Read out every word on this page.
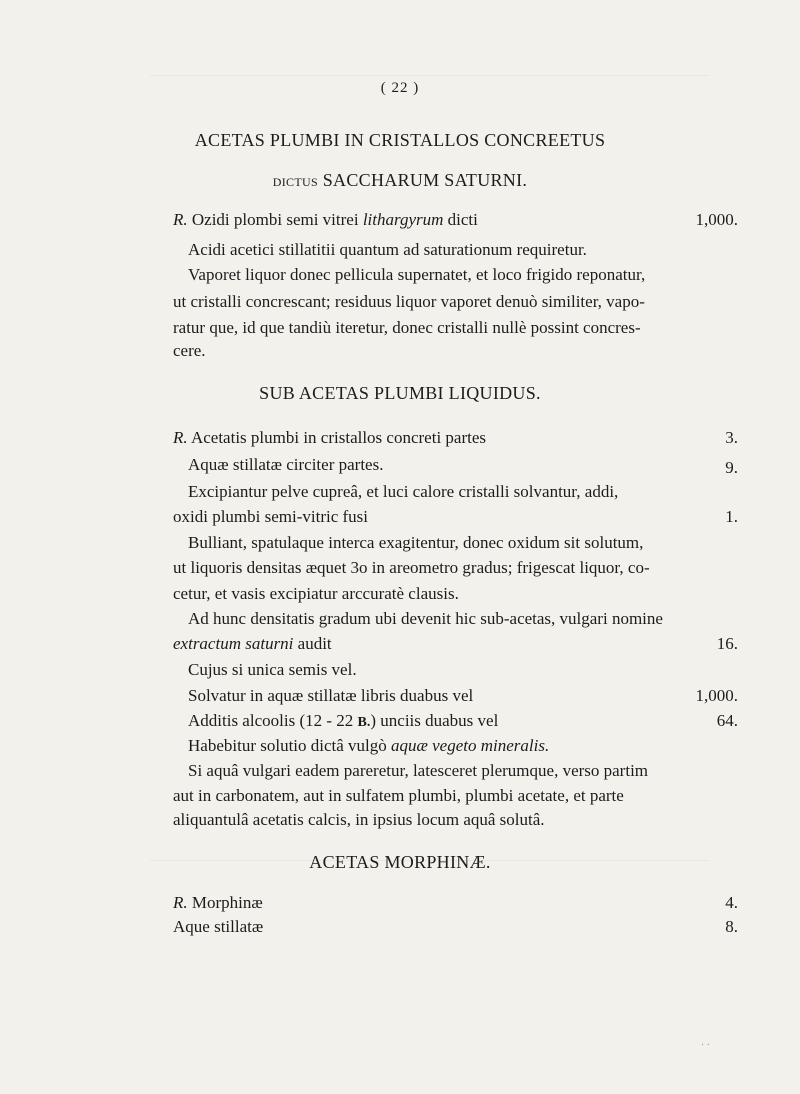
( 22 )
ACETAS PLUMBI IN CRISTALLOS CONCREETUS
DICTUS SACCHARUM SATURNI.
R. Ozidi plombi semi vitrei lithargyrum dicti	1,000.
Acidi acetici stillatitii quantum ad saturationum requiretur.
Vaporet liquor donec pellicula supernatet, et loco frigido reponatur,
ut cristalli concrescant; residuus liquor vaporet denuò similiter, vapo-
ratur que, id que tandiù iteretur, donec cristalli nullè possint concres-
cere.
SUB ACETAS PLUMBI LIQUIDUS.
R. Acetatis plumbi in cristallos concreti partes	3.
Aquæ stillatæ circiter partes.	9.
Excipiantur pelve cupreâ, et luci calore cristalli solvantur, addi,
oxidi plumbi semi-vitric fusi	1.
Bulliant, spatulaque interca exagitentur, donec oxidum sit solutum,
ut liquoris densitas æquet 3o in areometro gradus; frigescat liquor, co-
cetur, et vasis excipiatur arccuratè clausis.
Ad hunc densitatis gradum ubi devenit hic sub-acetas, vulgari nomine
extractum saturni audit	16.
Cujus si unica semis vel.
Solvatur in aquæ stillatæ libris duabus vel	1,000.
Additis alcoolis (12 - 22 B.) unciis duabus vel	64.
Habebitur solutio dictâ vulgò aquæ vegeto mineralis.
Si aquâ vulgari eadem pareretur, latesceret plerumque, verso partim
aut in carbonatem, aut in sulfatem plumbi, plumbi acetate, et parte
aliquantulâ acetatis calcis, in ipsius locum aquâ solutâ.
ACETAS MORPHINÆ.
R. Morphinæ	4.
Aque stillatæ	8.
· ·
